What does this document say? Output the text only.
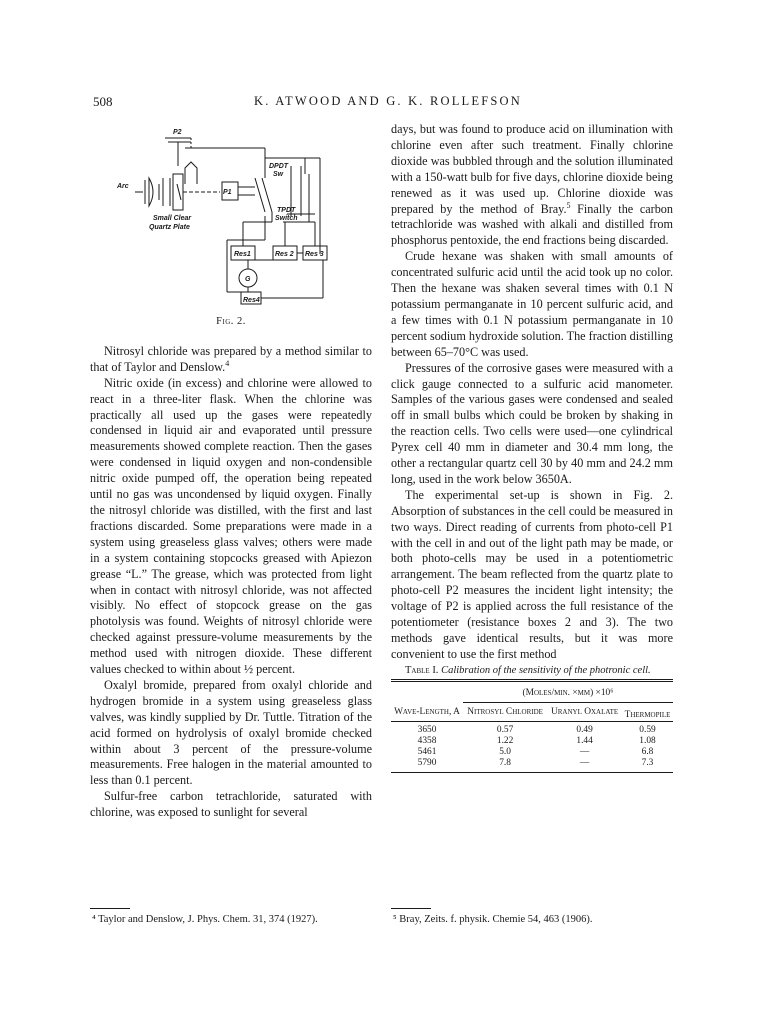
508	K. ATWOOD AND G. K. ROLLEFSON
P2
Arc
P1
DPDT
Sw
TPDT
Switch
Small Clear
Quartz Plate
Res1	Res 2 Res 3
G
Res4
Fig. 2.

Nitrosyl chloride was prepared by a method similar to that of Taylor and Denslow.$^4$

Nitric oxide (in excess) and chlorine were allowed to react in a three-liter flask. When the chlorine was practically all used up the gases were repeatedly condensed in liquid air and evaporated until pressure measurements showed complete reaction. Then the gases were condensed in liquid oxygen and non-condensible nitric oxide pumped off, the operation being repeated until no gas was uncondensed by liquid oxygen. Finally the nitrosyl chloride was distilled, with the first and last fractions discarded. Some preparations were made in a system using greaseless glass valves; others were made in a system containing stopcocks greased with Apiezon grease “L.” The grease, which was protected from light when in contact with nitrosyl chloride, was not affected visibly. No effect of stopcock grease on the gas photolysis was found. Weights of nitrosyl chloride were checked against pressure-volume measurements by the method used with nitrogen dioxide. These different values checked to within about ½ percent.

Oxalyl bromide, prepared from oxalyl chloride and hydrogen bromide in a system using greaseless glass valves, was kindly supplied by Dr. Tuttle. Titration of the acid formed on hydrolysis of oxalyl bromide checked within about 3 percent of the pressure-volume measurements. Free halogen in the material amounted to less than 0.1 percent.

Sulfur-free carbon tetrachloride, saturated with chlorine, was exposed to sunlight for several

days, but was found to produce acid on illumination with chlorine even after such treatment. Finally chlorine dioxide was bubbled through and the solution illuminated with a 150-watt bulb for five days, chlorine dioxide being renewed as it was used up. Chlorine dioxide was prepared by the method of Bray.$^5$ Finally the carbon tetrachloride was washed with alkali and distilled from phosphorus pentoxide, the end fractions being discarded.

Crude hexane was shaken with small amounts of concentrated sulfuric acid until the acid took up no color. Then the hexane was shaken several times with 0.1 N potassium permanganate in 10 percent sulfuric acid, and a few times with 0.1 N potassium permanganate in 10 percent sodium hydroxide solution. The fraction distilling between 65–70°C was used.

Pressures of the corrosive gases were measured with a click gauge connected to a sulfuric acid manometer. Samples of the various gases were condensed and sealed off in small bulbs which could be broken by shaking in the reaction cells. Two cells were used—one cylindrical Pyrex cell 40 mm in diameter and 30.4 mm long, the other a rectangular quartz cell 30 by 40 mm and 24.2 mm long, used in the work below 3650A.

The experimental set-up is shown in Fig. 2. Absorption of substances in the cell could be measured in two ways. Direct reading of currents from photo-cell P1 with the cell in and out of the light path may be made, or both photo-cells may be used in a potentiometric arrangement. The beam reflected from the quartz plate to photo-cell P2 measures the incident light intensity; the voltage of P2 is applied across the full resistance of the potentiometer (resistance boxes 2 and 3). The two methods gave identical results, but it was more convenient to use the first method

Table I. Calibration of the sensitivity of the photronic cell.

	(Moles/min. ×mm) ×10⁶		

Wave-Length, A	Nitrosyl Chloride	Uranyl Oxalate	Thermopile

3650	0.57	0.49	0.59
4358	1.22	1.44	1.08
5461	5.0	—	6.8
5790	7.8	—	7.3

⁴ Taylor and Denslow, J. Phys. Chem. 31, 374 (1927).	⁵ Bray, Zeits. f. physik. Chemie 54, 463 (1906).
